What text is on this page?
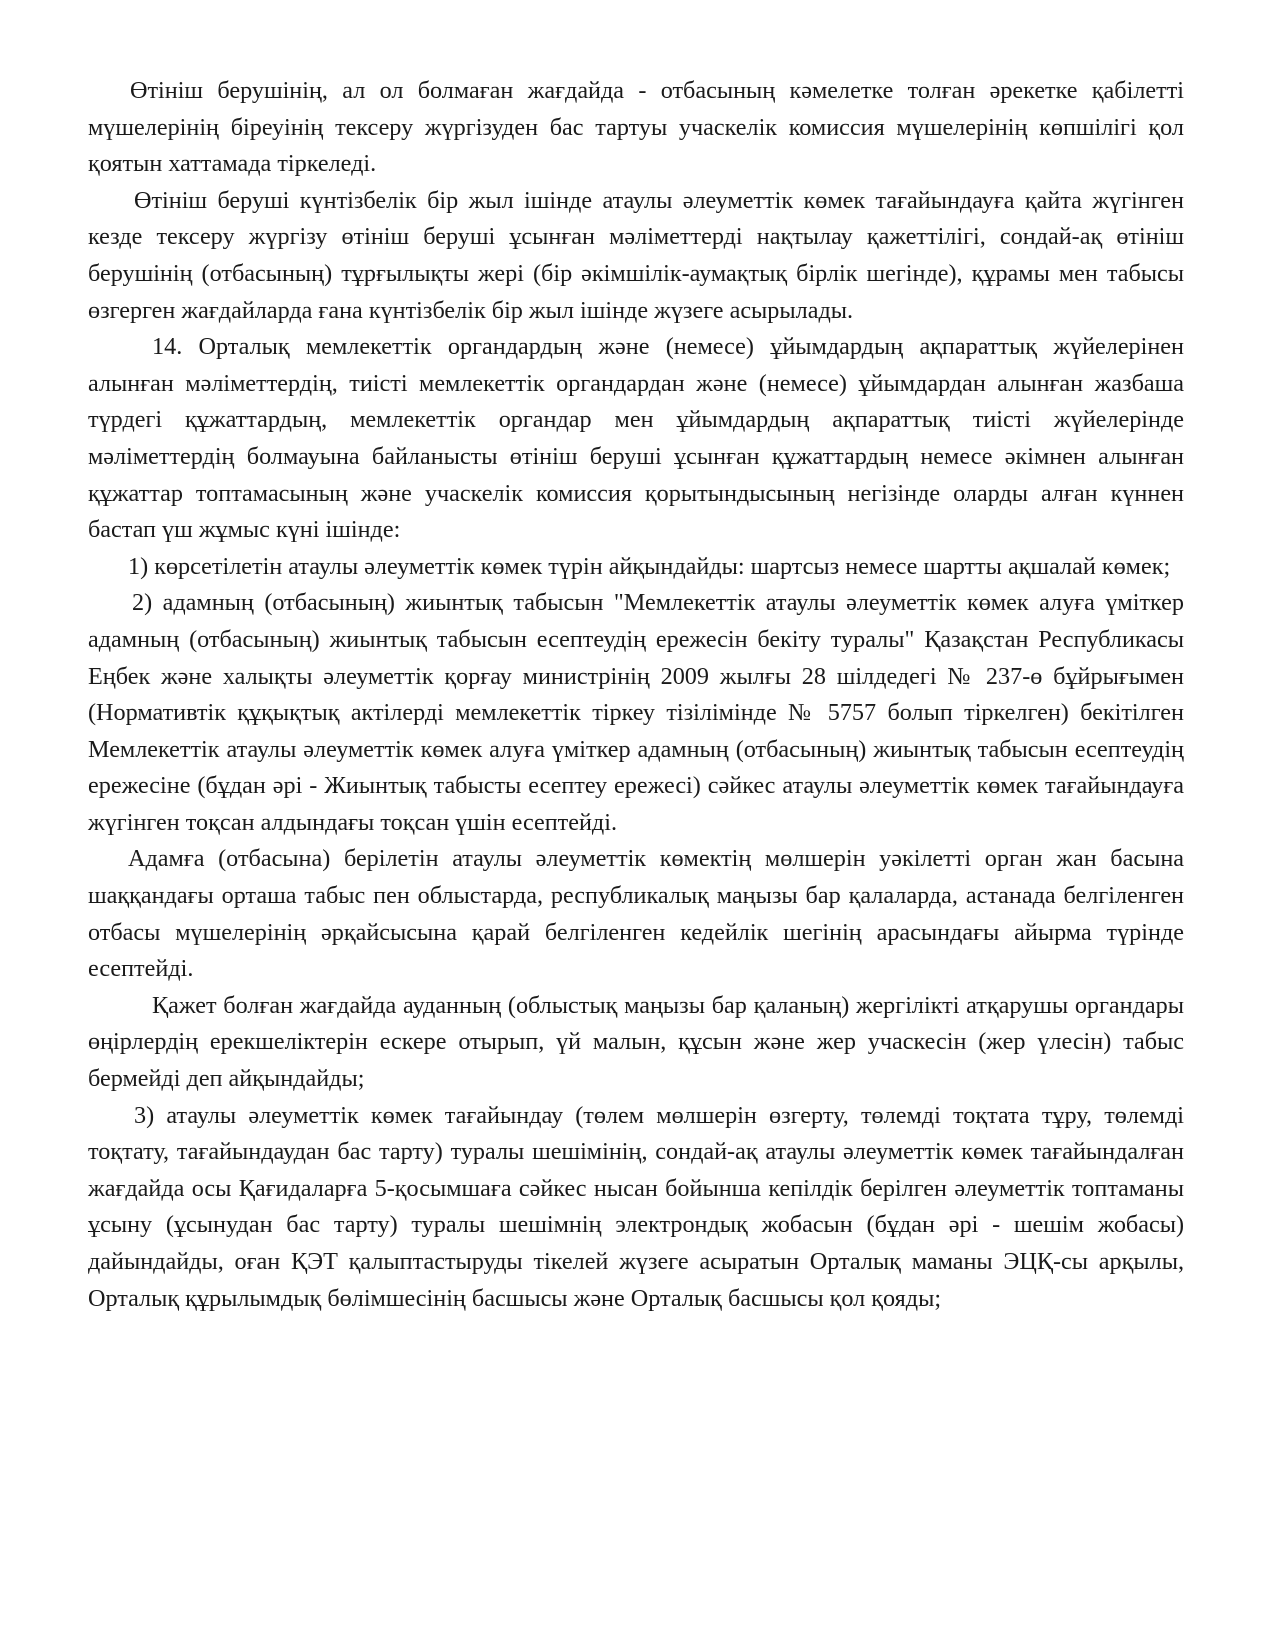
Өтініш берушінің, ал ол болмаған жағдайда - отбасының кәмелетке толған әрекетке қабілетті мүшелерінің біреуінің тексеру жүргізуден бас тартуы учаскелік комиссия мүшелерінің көпшілігі қол қоятын хаттамада тіркеледі.

Өтініш беруші күнтізбелік бір жыл ішінде атаулы әлеуметтік көмек тағайындауға қайта жүгінген кезде тексеру жүргізу өтініш беруші ұсынған мәліметтерді нақтылау қажеттілігі, сондай-ақ өтініш берушінің (отбасының) тұрғылықты жері (бір әкімшілік-аумақтық бірлік шегінде), құрамы мен табысы өзгерген жағдайларда ғана күнтізбелік бір жыл ішінде жүзеге асырылады.

14. Орталық мемлекеттік органдардың және (немесе) ұйымдардың ақпараттық жүйелерінен алынған мәліметтердің, тиісті мемлекеттік органдардан және (немесе) ұйымдардан алынған жазбаша түрдегі құжаттардың, мемлекеттік органдар мен ұйымдардың ақпараттық тиісті жүйелерінде мәліметтердің болмауына байланысты өтініш беруші ұсынған құжаттардың немесе әкімнен алынған құжаттар топтамасының және учаскелік комиссия қорытындысының негізінде оларды алған күннен бастап үш жұмыс күні ішінде:

1) көрсетілетін атаулы әлеуметтік көмек түрін айқындайды: шартсыз немесе шартты ақшалай көмек;

2) адамның (отбасының) жиынтық табысын "Мемлекеттік атаулы әлеуметтік көмек алуға үміткер адамның (отбасының) жиынтық табысын есептеудің ережесін бекіту туралы" Қазақстан Республикасы Еңбек және халықты әлеуметтік қорғау министрінің 2009 жылғы 28 шілдедегі № 237-ө бұйрығымен (Нормативтік құқықтық актілерді мемлекеттік тіркеу тізілімінде № 5757 болып тіркелген) бекітілген Мемлекеттік атаулы әлеуметтік көмек алуға үміткер адамның (отбасының) жиынтық табысын есептеудің ережесіне (бұдан әрі - Жиынтық табысты есептеу ережесі) сәйкес атаулы әлеуметтік көмек тағайындауға жүгінген тоқсан алдындағы тоқсан үшін есептейді.

Адамға (отбасына) берілетін атаулы әлеуметтік көмектің мөлшерін уәкілетті орган жан басына шаққандағы орташа табыс пен облыстарда, республикалық маңызы бар қалаларда, астанада белгіленген отбасы мүшелерінің әрқайсысына қарай белгіленген кедейлік шегінің арасындағы айырма түрінде есептейді.

Қажет болған жағдайда ауданның (облыстық маңызы бар қаланың) жергілікті атқарушы органдары өңірлердің ерекшеліктерін ескере отырып, үй малын, құсын және жер учаскесін (жер үлесін) табыс бермейді деп айқындайды;

3) атаулы әлеуметтік көмек тағайындау (төлем мөлшерін өзгерту, төлемді тоқтата тұру, төлемді тоқтату, тағайындаудан бас тарту) туралы шешімінің, сондай-ақ атаулы әлеуметтік көмек тағайындалған жағдайда осы Қағидаларға 5-қосымшаға сәйкес нысан бойынша кепілдік берілген әлеуметтік топтаманы ұсыну (ұсынудан бас тарту) туралы шешімнің электрондық жобасын (бұдан әрі - шешім жобасы) дайындайды, оған ҚЭТ қалыптастыруды тікелей жүзеге асыратын Орталық маманы ЭЦҚ-сы арқылы, Орталық құрылымдық бөлімшесінің басшысы және Орталық басшысы қол қояды;
